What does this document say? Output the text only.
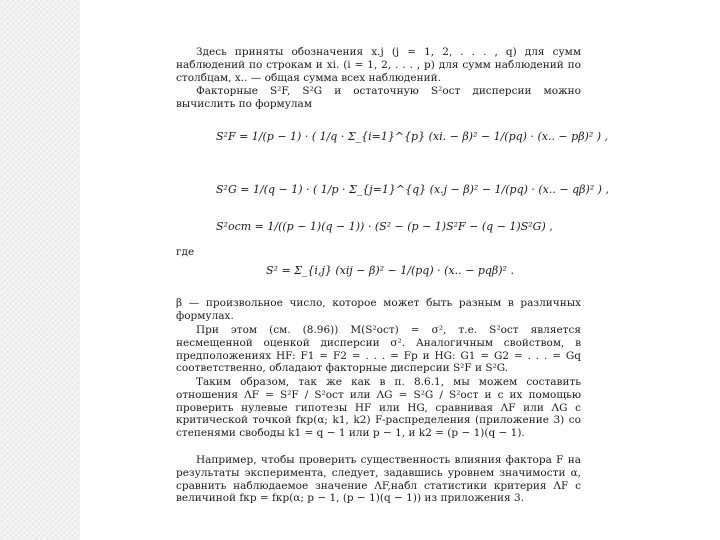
Здесь приняты обозначения x.j (j = 1, 2, . . . , q) для сумм наблюдений по строкам и xi. (i = 1, 2, . . . , p) для сумм наблюдений по столбцам, x.. — общая сумма всех наблюдений.

Факторные S²F, S²G и остаточную S²ост дисперсии можно вычислить по формулам

S²F = 1/(p − 1) · ( 1/q · Σ_{i=1}^{p} (xi. − β)² − 1/(pq) · (x.. − pβ)² ) ,
S²G = 1/(q − 1) · ( 1/p · Σ_{j=1}^{q} (x.j − β)² − 1/(pq) · (x.. − qβ)² ) ,
S²ост = 1/((p − 1)(q − 1)) · (S² − (p − 1)S²F − (q − 1)S²G) ,

где

S² = Σ_{i,j} (xij − β)² − 1/(pq) · (x.. − pqβ)² .

β — произвольное число, которое может быть разным в различных формулах.

При этом (см. (8.96)) M(S²ост) = σ², т.е. S²ост является несмещенной оценкой дисперсии σ². Аналогичным свойством, в предположениях HF: F1 = F2 = . . . = Fp и HG: G1 = G2 = . . . = Gq соответственно, обладают факторные дисперсии S²F и S²G.

Таким образом, так же как в п. 8.6.1, мы можем составить отношения ΛF = S²F / S²ост или ΛG = S²G / S²ост и с их помощью проверить нулевые гипотезы HF или HG, сравнивая ΛF или ΛG с критической точкой fкр(α; k1, k2) F-распределения (приложение 3) со степенями свободы k1 = q − 1 или p − 1, и k2 = (p − 1)(q − 1).

Например, чтобы проверить существенность влияния фактора F на результаты эксперимента, следует, задавшись уровнем значимости α, сравнить наблюдаемое значение ΛF,набл статистики критерия ΛF с величиной fкр = fкр(α; p − 1, (p − 1)(q − 1)) из приложения 3.
